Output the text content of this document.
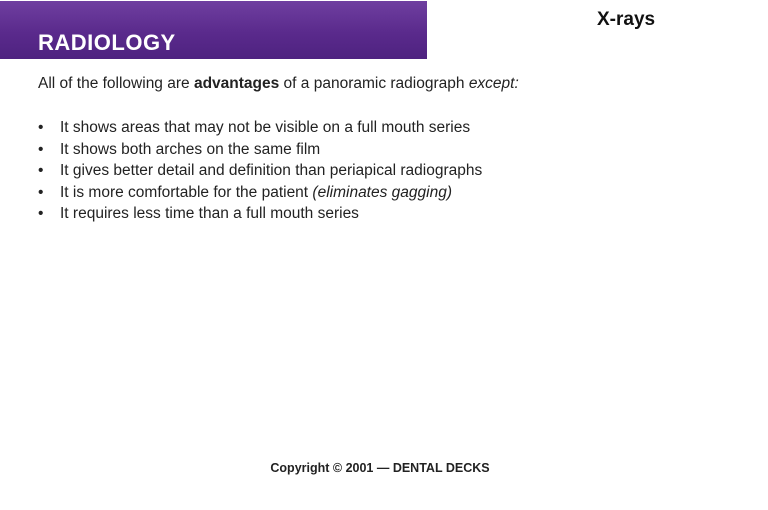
RADIOLOGY
X-rays
All of the following are advantages of a panoramic radiograph except:
• It shows areas that may not be visible on a full mouth series
• It shows both arches on the same film
• It gives better detail and definition than periapical radiographs
• It is more comfortable for the patient (eliminates gagging)
• It requires less time than a full mouth series
Copyright © 2001 — DENTAL DECKS
